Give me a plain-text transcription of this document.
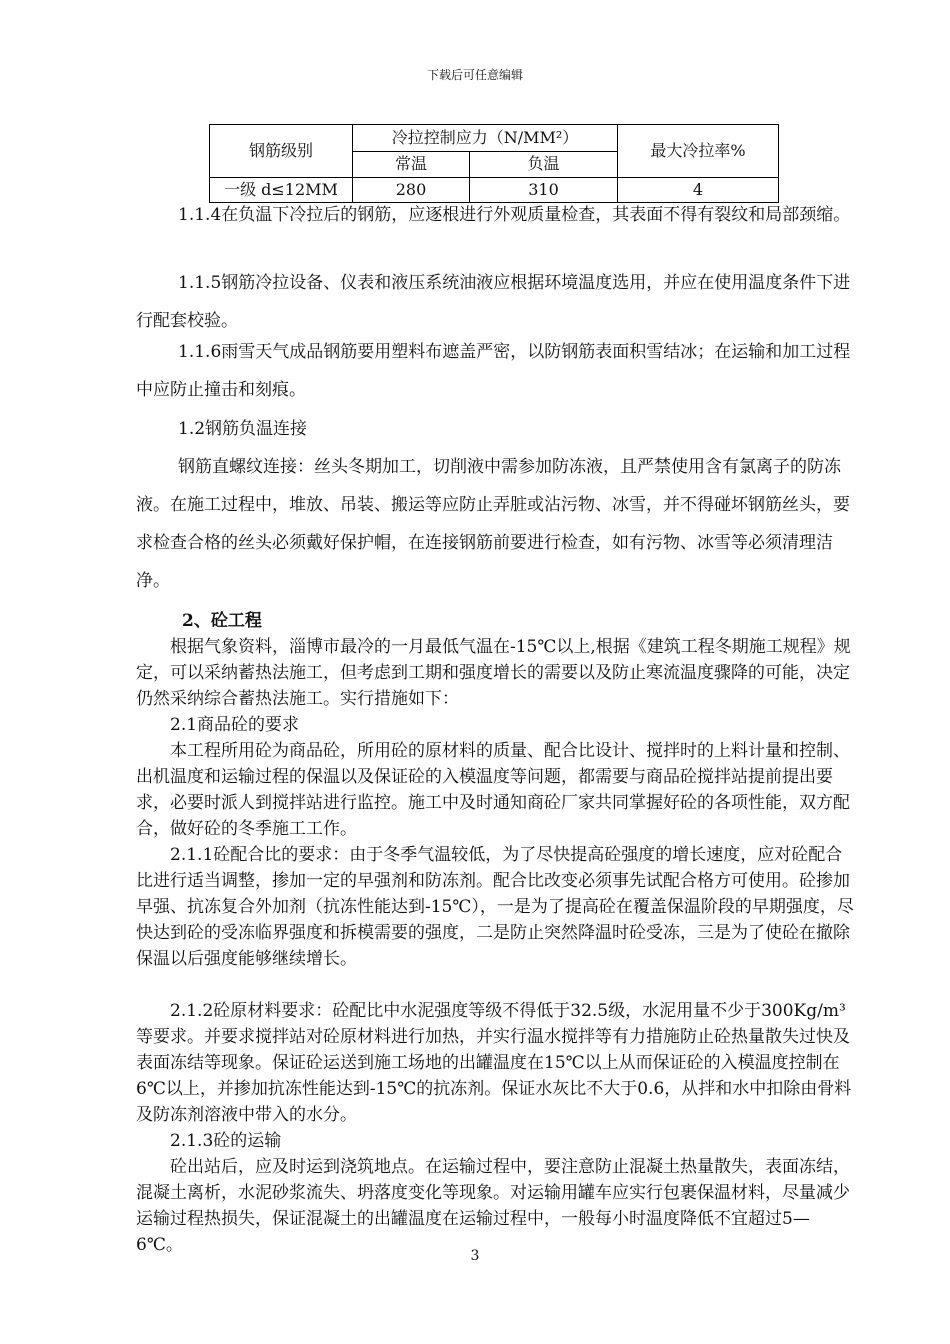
下载后可任意编辑
钢筋级别	冷拉控制应力（N/MM²）		最大冷拉率%
	常温	负温	
一级 d≤12MM	280	310	4

1.1.4在负温下冷拉后的钢筋，应逐根进行外观质量检查，其表面不得有裂纹和局部颈缩。

1.1.5钢筋冷拉设备、仪表和液压系统油液应根据环境温度选用，并应在使用温度条件下进行配套校验。

1.1.6雨雪天气成品钢筋要用塑料布遮盖严密，以防钢筋表面积雪结冰；在运输和加工过程中应防止撞击和刻痕。

1.2钢筋负温连接

钢筋直螺纹连接：丝头冬期加工，切削液中需参加防冻液，且严禁使用含有氯离子的防冻液。在施工过程中，堆放、吊装、搬运等应防止弄脏或沾污物、冰雪，并不得碰坏钢筋丝头，要求检查合格的丝头必须戴好保护帽，在连接钢筋前要进行检查，如有污物、冰雪等必须清理洁净。

2、砼工程

根据气象资料，淄博市最冷的一月最低气温在-15℃以上,根据《建筑工程冬期施工规程》规定，可以采纳蓄热法施工，但考虑到工期和强度增长的需要以及防止寒流温度骤降的可能，决定仍然采纳综合蓄热法施工。实行措施如下：

2.1商品砼的要求

本工程所用砼为商品砼，所用砼的原材料的质量、配合比设计、搅拌时的上料计量和控制、出机温度和运输过程的保温以及保证砼的入模温度等问题，都需要与商品砼搅拌站提前提出要求，必要时派人到搅拌站进行监控。施工中及时通知商砼厂家共同掌握好砼的各项性能，双方配合，做好砼的冬季施工工作。

2.1.1砼配合比的要求：由于冬季气温较低，为了尽快提高砼强度的增长速度，应对砼配合比进行适当调整，掺加一定的早强剂和防冻剂。配合比改变必须事先试配合格方可使用。砼掺加早强、抗冻复合外加剂（抗冻性能达到-15℃），一是为了提高砼在覆盖保温阶段的早期强度，尽快达到砼的受冻临界强度和拆模需要的强度，二是防止突然降温时砼受冻，三是为了使砼在撤除保温以后强度能够继续增长。

2.1.2砼原材料要求：砼配比中水泥强度等级不得低于32.5级，水泥用量不少于300Kg/m³等要求。并要求搅拌站对砼原材料进行加热，并实行温水搅拌等有力措施防止砼热量散失过快及表面冻结等现象。保证砼运送到施工场地的出罐温度在15℃以上从而保证砼的入模温度控制在6℃以上，并掺加抗冻性能达到-15℃的抗冻剂。保证水灰比不大于0.6，从拌和水中扣除由骨料及防冻剂溶液中带入的水分。

2.1.3砼的运输

砼出站后，应及时运到浇筑地点。在运输过程中，要注意防止混凝土热量散失，表面冻结，混凝土离析，水泥砂浆流失、坍落度变化等现象。对运输用罐车应实行包裹保温材料，尽量减少运输过程热损失，保证混凝土的出罐温度在运输过程中，一般每小时温度降低不宜超过5—6℃。

3
